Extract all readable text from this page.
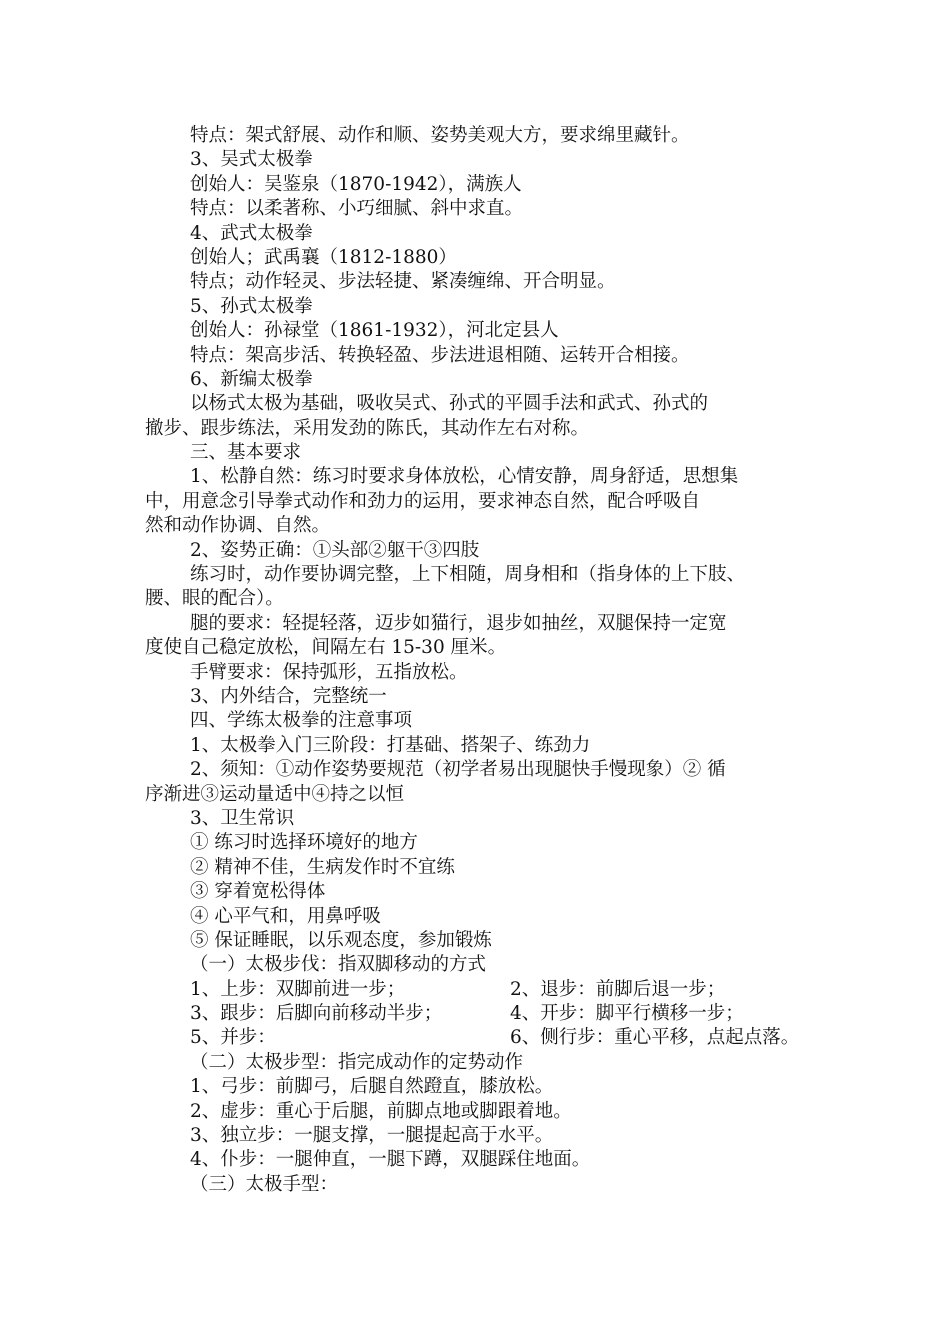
特点：架式舒展、动作和顺、姿势美观大方，要求绵里藏针。
3、吴式太极拳
创始人：吴鉴泉（1870-1942），满族人
特点：以柔著称、小巧细腻、斜中求直。
4、武式太极拳
创始人；武禹襄（1812-1880）
特点；动作轻灵、步法轻捷、紧凑缠绵、开合明显。
5、孙式太极拳
创始人：孙禄堂（1861-1932），河北定县人
特点：架高步活、转换轻盈、步法进退相随、运转开合相接。
6、新编太极拳
以杨式太极为基础，吸收吴式、孙式的平圆手法和武式、孙式的
撤步、跟步练法，采用发劲的陈氏，其动作左右对称。
三、基本要求
1、松静自然：练习时要求身体放松，心情安静，周身舒适，思想集
中，用意念引导拳式动作和劲力的运用，要求神态自然，配合呼吸自
然和动作协调、自然。
2、姿势正确：①头部②躯干③四肢
练习时，动作要协调完整，上下相随，周身相和（指身体的上下肢、
腰、眼的配合）。
腿的要求：轻提轻落，迈步如猫行，退步如抽丝，双腿保持一定宽
度使自己稳定放松，间隔左右 15-30 厘米。
手臂要求：保持弧形，五指放松。
3、内外结合，完整统一
四、学练太极拳的注意事项
1、太极拳入门三阶段：打基础、搭架子、练劲力
2、须知：①动作姿势要规范（初学者易出现腿快手慢现象）② 循
序渐进③运动量适中④持之以恒
3、卫生常识
① 练习时选择环境好的地方
② 精神不佳，生病发作时不宜练
③ 穿着宽松得体
④ 心平气和，用鼻呼吸
⑤ 保证睡眠，以乐观态度，参加锻炼
（一）太极步伐：指双脚移动的方式
1、上步：双脚前进一步；	2、退步：前脚后退一步；
3、跟步：后脚向前移动半步；	4、开步：脚平行横移一步；
5、并步：	6、侧行步：重心平移，点起点落。
（二）太极步型：指完成动作的定势动作
1、弓步：前脚弓，后腿自然蹬直，膝放松。
2、虚步：重心于后腿，前脚点地或脚跟着地。
3、独立步：一腿支撑，一腿提起高于水平。
4、仆步：一腿伸直，一腿下蹲，双腿踩住地面。
（三）太极手型：
